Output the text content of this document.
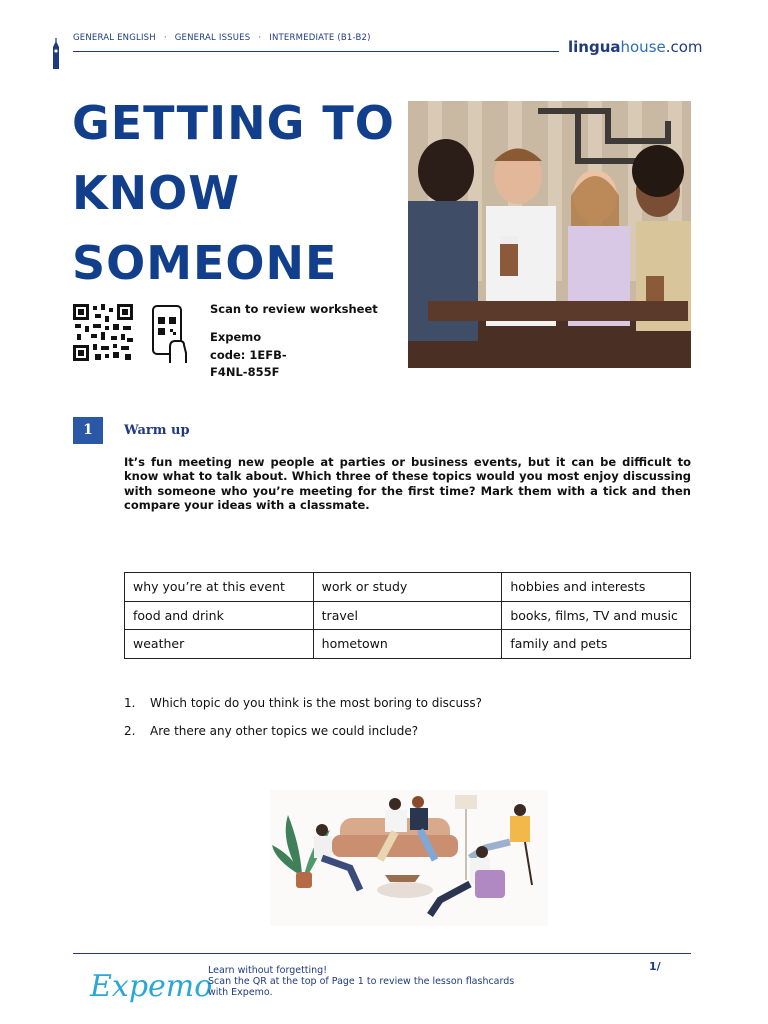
GENERAL ENGLISH · GENERAL ISSUES · INTERMEDIATE (B1-B2)	linguahouse.com
GETTING TO
KNOW
SOMEONE
Scan to review worksheet
Expemo
code: 1EFB-
F4NL-855F
1	Warm up
It’s fun meeting new people at parties or business events, but it can be difficult to know what to talk about. Which three of these topics would you most enjoy discussing with someone who you’re meeting for the first time? Mark them with a tick and then compare your ideas with a classmate.
why you’re at this event	work or study	hobbies and interests
food and drink	travel	books, films, TV and music
weather	hometown	family and pets
1. Which topic do you think is the most boring to discuss?
2. Are there any other topics we could include?
Expemo
Learn without forgetting!
Scan the QR at the top of Page 1 to review the lesson flashcards
with Expemo.
1/
